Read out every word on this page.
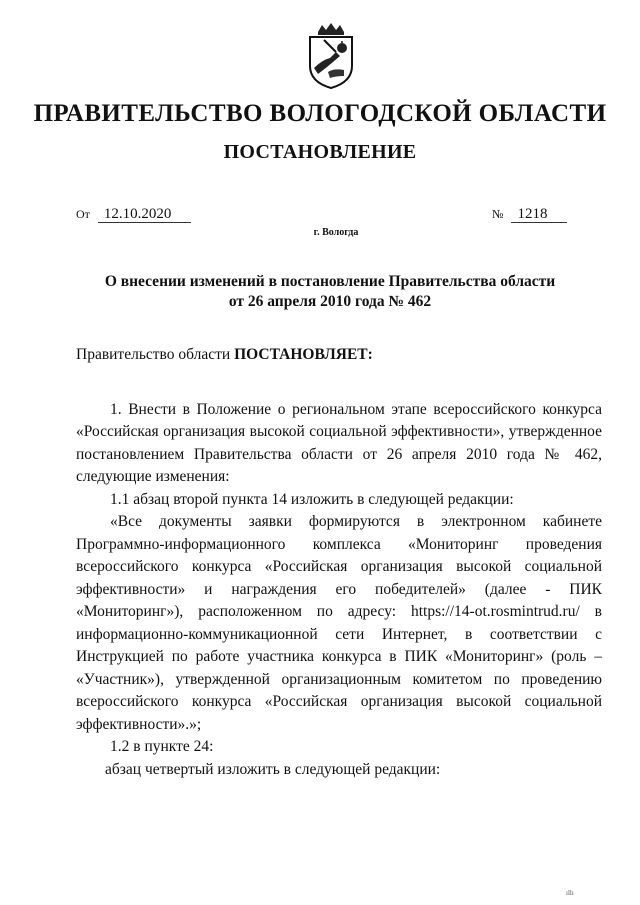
ПРАВИТЕЛЬСТВО ВОЛОГОДСКОЙ ОБЛАСТИ
ПОСТАНОВЛЕНИЕ
От 12.10.2020	№ 1218
г. Вологда
О внесении изменений в постановление Правительства области
от 26 апреля 2010 года № 462

Правительство области ПОСТАНОВЛЯЕТ:

1. Внести в Положение о региональном этапе всероссийского конкурса «Российская организация высокой социальной эффективности», утвержденное постановлением Правительства области от 26 апреля 2010 года № 462, следующие изменения:

1.1 абзац второй пункта 14 изложить в следующей редакции:

«Все документы заявки формируются в электронном кабинете Программно-информационного комплекса «Мониторинг проведения всероссийского конкурса «Российская организация высокой социальной эффективности» и награждения его победителей» (далее - ПИК «Мониторинг»), расположенном по адресу: https://14-ot.rosmintrud.ru/ в информационно-коммуникационной сети Интернет, в соответствии с Инструкцией по работе участника конкурса в ПИК «Мониторинг» (роль – «Участник»), утвержденной организационным комитетом по проведению всероссийского конкурса «Российская организация высокой социальной эффективности».»;

1.2 в пункте 24:

абзац четвертый изложить в следующей редакции:

ıllı
